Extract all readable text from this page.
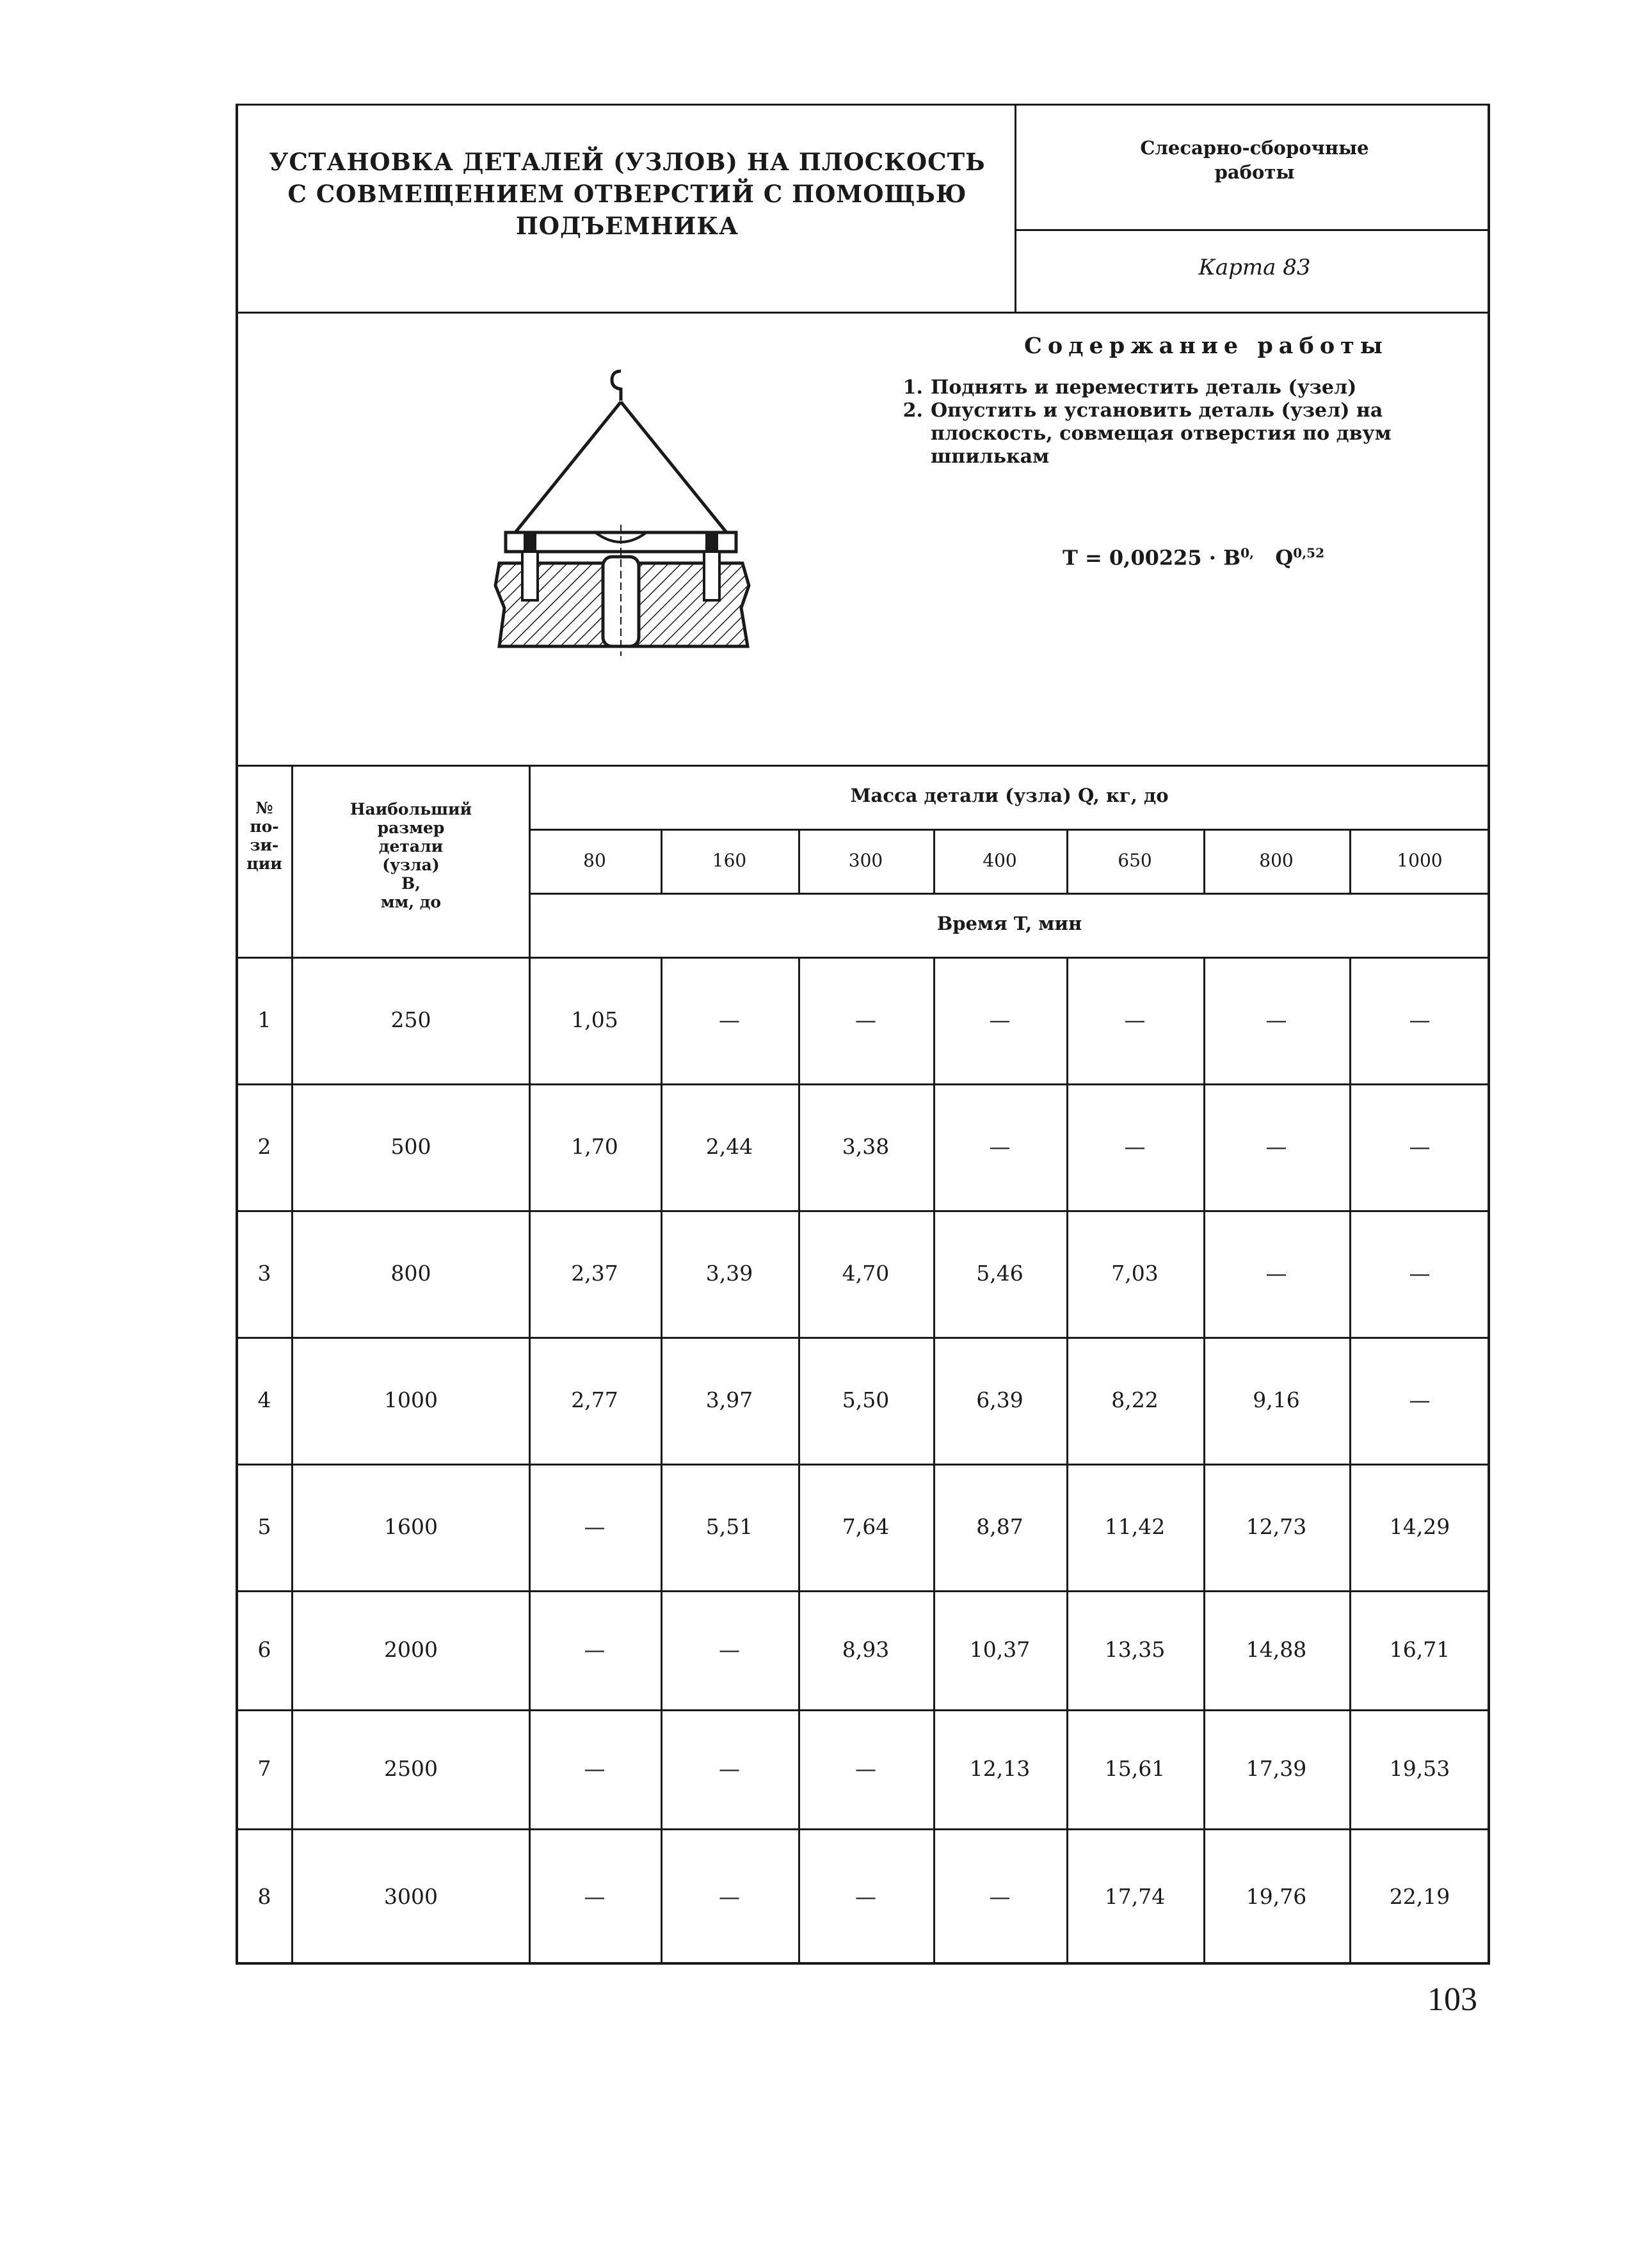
УСТАНОВКА ДЕТАЛЕЙ (УЗЛОВ) НА ПЛОСКОСТЬ
С СОВМЕЩЕНИЕМ ОТВЕРСТИЙ С ПОМОЩЬЮ
ПОДЪЕМНИКА
Слесарно-сборочные
работы
Карта 83
Содержание работы
1. Поднять и переместить деталь (узел)
2. Опустить и установить деталь (узел) на плоскость, совмещая отверстия по двум шпилькам
$T = 0,00225 \cdot B^{0,}$ Q$^{0,52}$
№
по-
зи-
ции
Наибольший
размер
детали
(узла)
B,
мм, до
Масса детали (узла) Q, кг, до
Время T, мин
80	160	300	400	650	800	1000
1	250	1,05	—	—	—	—	—	—
2	500	1,70	2,44	3,38	—	—	—	—
3	800	2,37	3,39	4,70	5,46	7,03	—	—
4	1000	2,77	3,97	5,50	6,39	8,22	9,16	—
5	1600	—	5,51	7,64	8,87	11,42	12,73	14,29
6	2000	—	—	8,93	10,37	13,35	14,88	16,71
7	2500	—	—	—	12,13	15,61	17,39	19,53
8	3000	—	—	—	—	17,74	19,76	22,19
103
